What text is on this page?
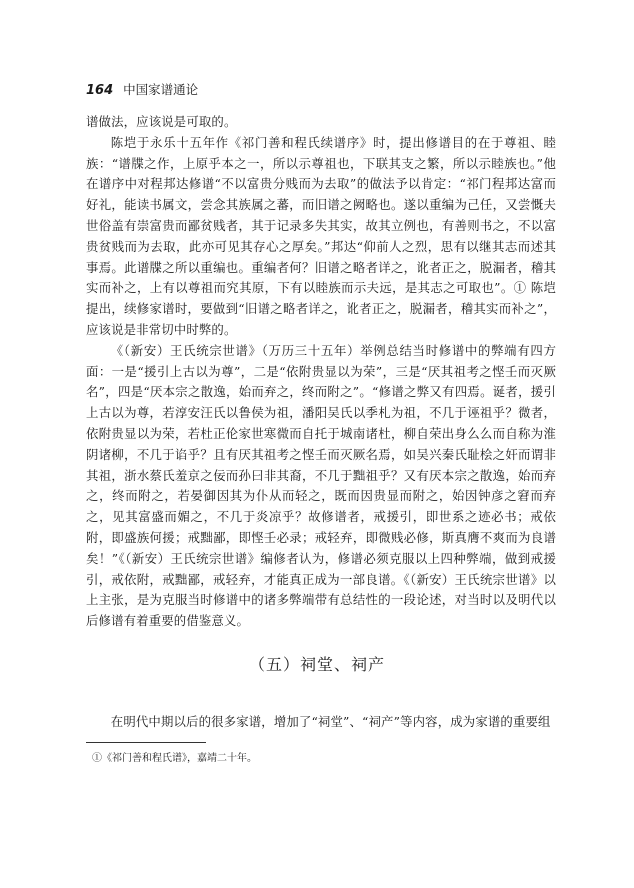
164 中国家谱通论

谱做法，应该说是可取的。

陈垲于永乐十五年作《祁门善和程氏续谱序》时，提出修谱目的在于尊祖、睦族：“谱牒之作，上原乎本之一，所以示尊祖也，下联其支之繁，所以示睦族也。”他在谱序中对程邦达修谱“不以富贵分贱而为去取”的做法予以肯定：“祁门程邦达富而好礼，能读书属文，尝念其族属之蕃，而旧谱之阙略也。遂以重编为己任，又尝慨夫世俗盖有崇富贵而鄙贫贱者，其于记录多失其实，故其立例也，有善则书之，不以富贵贫贱而为去取，此亦可见其存心之厚矣。”邦达“仰前人之烈，思有以继其志而述其事焉。此谱牒之所以重编也。重编者何？旧谱之略者详之，讹者正之，脱漏者，稽其实而补之，上有以尊祖而究其原，下有以睦族而示夫远，是其志之可取也”。① 陈垲提出，续修家谱时，要做到“旧谱之略者详之，讹者正之，脱漏者，稽其实而补之”，应该说是非常切中时弊的。

《（新安）王氏统宗世谱》（万历三十五年）举例总结当时修谱中的弊端有四方面：一是“援引上古以为尊”，二是“依附贵显以为荣”，三是“厌其祖考之悭壬而灭厥名”，四是“厌本宗之散逸，始而弃之，终而附之”。“修谱之弊又有四焉。诞者，援引上古以为尊，若淳安汪氏以鲁侯为祖，潘阳吴氏以季札为祖，不几于诬祖乎？微者，依附贵显以为荣，若杜正伦家世寒微而自托于城南诸杜，柳自荣出身么么而自称为淮阴诸柳，不几于谄乎？且有厌其祖考之悭壬而灭厥名焉，如吴兴秦氏耻桧之奸而谓非其祖，浙水蔡氏羞京之佞而孙曰非其裔，不几于黜祖乎？又有厌本宗之散逸，始而弃之，终而附之，若晏御因其为仆从而轻之，既而因贵显而附之，始因钟彦之窘而弃之，见其富盛而媚之，不几于炎凉乎？故修谱者，戒援引，即世系之迹必书；戒依附，即盛族何援；戒黜鄙，即悭壬必录；戒轻弃，即微贱必修，斯真膺不爽而为良谱矣！”《（新安）王氏统宗世谱》编修者认为，修谱必须克服以上四种弊端，做到戒援引，戒依附，戒黜鄙，戒轻弃，才能真正成为一部良谱。《（新安）王氏统宗世谱》以上主张，是为克服当时修谱中的诸多弊端带有总结性的一段论述，对当时以及明代以后修谱有着重要的借鉴意义。

（五）祠堂、祠产
在明代中期以后的很多家谱，增加了“祠堂”、“祠产”等内容，成为家谱的重要组
①《祁门善和程氏谱》，嘉靖二十年。
